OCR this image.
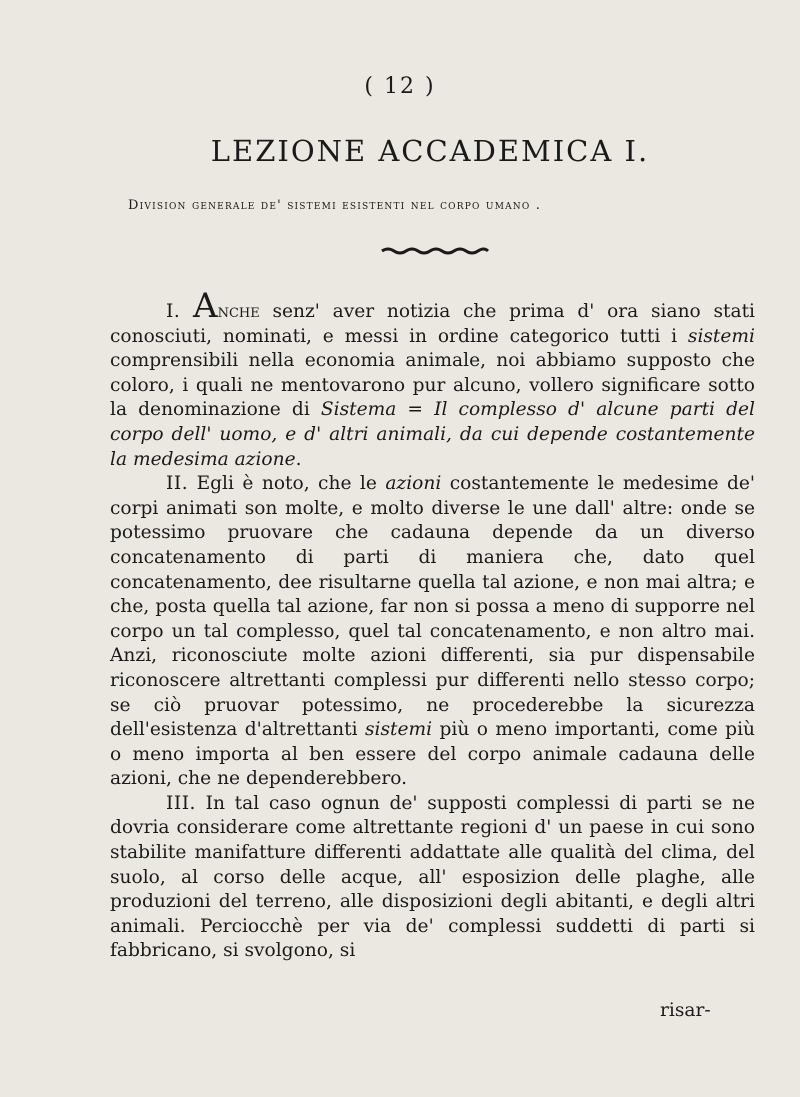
( 12 )
LEZIONE ACCADEMICA I.
Division generale de' sistemi esistenti nel corpo umano .

I. Anche senz' aver notizia che prima d' ora siano stati conosciuti, nominati, e messi in ordine categorico tutti i sistemi comprensibili nella economia animale, noi abbiamo supposto che coloro, i quali ne mentovarono pur alcuno, vollero significare sotto la denominazione di Sistema = Il complesso d' alcune parti del corpo dell' uomo, e d' altri animali, da cui depende costantemente la medesima azione.

II. Egli è noto, che le azioni costantemente le medesime de' corpi animati son molte, e molto diverse le une dall' altre: onde se potessimo pruovare che cadauna depende da un diverso concatenamento di parti di maniera che, dato quel concatenamento, dee risultarne quella tal azione, e non mai altra; e che, posta quella tal azione, far non si possa a meno di supporre nel corpo un tal complesso, quel tal concatenamento, e non altro mai. Anzi, riconosciute molte azioni differenti, sia pur dispensabile riconoscere altrettanti complessi pur differenti nello stesso corpo; se ciò pruovar potessimo, ne procederebbe la sicurezza dell'esistenza d'altrettanti sistemi più o meno importanti, come più o meno importa al ben essere del corpo animale cadauna delle azioni, che ne dependerebbero.

III. In tal caso ognun de' supposti complessi di parti se ne dovria considerare come altrettante regioni d' un paese in cui sono stabilite manifatture differenti addattate alle qualità del clima, del suolo, al corso delle acque, all' esposizion delle plaghe, alle produzioni del terreno, alle disposizioni degli abitanti, e degli altri animali. Perciocchè per via de' complessi suddetti di parti si fabbricano, si svolgono, si

risar-
